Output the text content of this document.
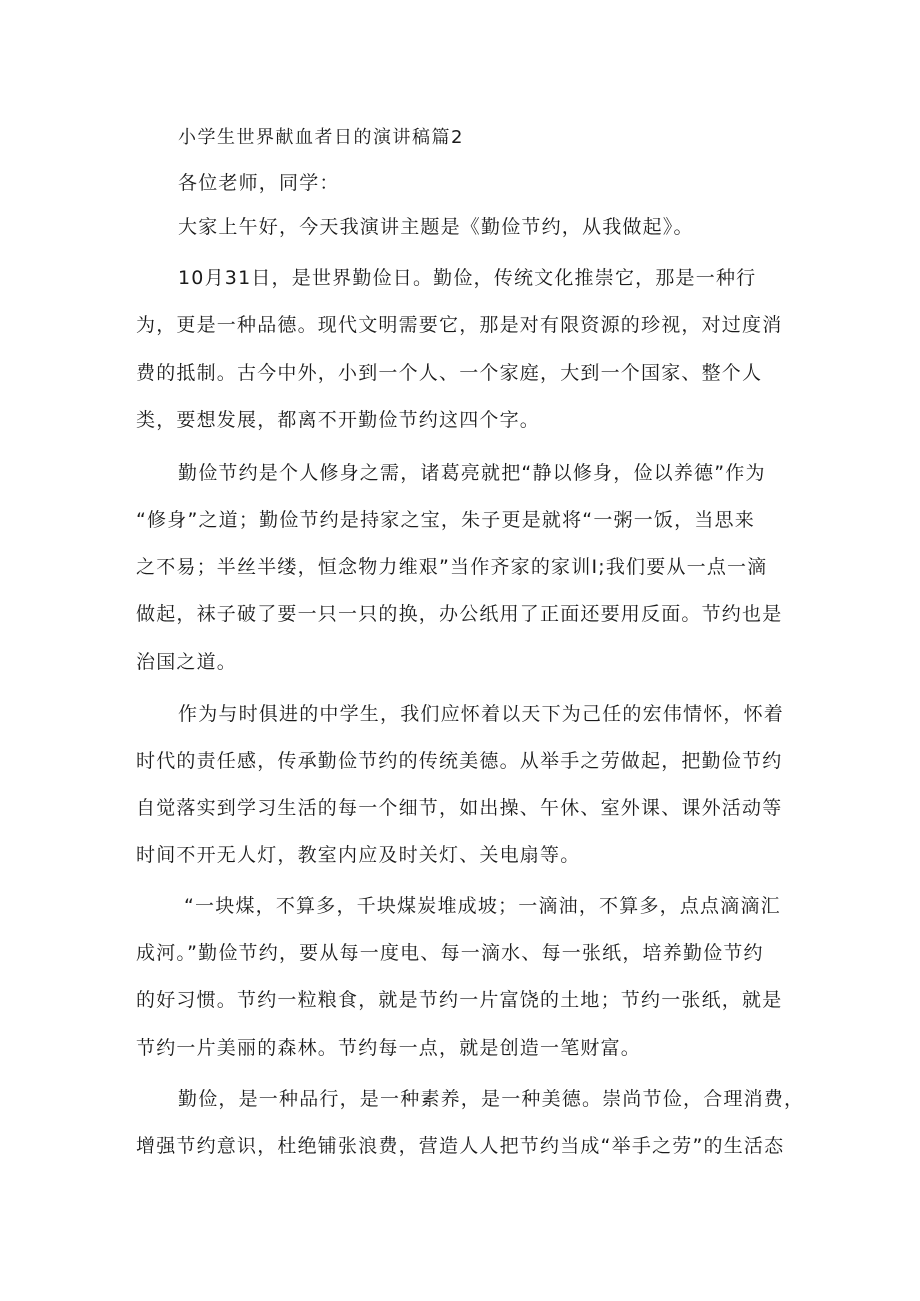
小学生世界献血者日的演讲稿篇2
各位老师，同学：
大家上午好，今天我演讲主题是《勤俭节约，从我做起》。
10月31日，是世界勤俭日。勤俭，传统文化推崇它，那是一种行
为，更是一种品德。现代文明需要它，那是对有限资源的珍视，对过度消
费的抵制。古今中外，小到一个人、一个家庭，大到一个国家、整个人
类，要想发展，都离不开勤俭节约这四个字。
勤俭节约是个人修身之需，诸葛亮就把“静以修身，俭以养德”作为
“修身”之道；勤俭节约是持家之宝，朱子更是就将“一粥一饭，当思来
之不易；半丝半缕，恒念物力维艰”当作齐家的家训I;我们要从一点一滴
做起，袜子破了要一只一只的换，办公纸用了正面还要用反面。节约也是
治国之道。
作为与时俱进的中学生，我们应怀着以天下为己任的宏伟情怀，怀着
时代的责任感，传承勤俭节约的传统美德。从举手之劳做起，把勤俭节约
自觉落实到学习生活的每一个细节，如出操、午休、室外课、课外活动等
时间不开无人灯，教室内应及时关灯、关电扇等。
“一块煤，不算多，千块煤炭堆成坡；一滴油，不算多，点点滴滴汇
成河。”勤俭节约，要从每一度电、每一滴水、每一张纸，培养勤俭节约
的好习惯。节约一粒粮食，就是节约一片富饶的土地；节约一张纸，就是
节约一片美丽的森林。节约每一点，就是创造一笔财富。
勤俭，是一种品行，是一种素养，是一种美德。崇尚节俭，合理消费，
增强节约意识，杜绝铺张浪费，营造人人把节约当成“举手之劳”的生活态
